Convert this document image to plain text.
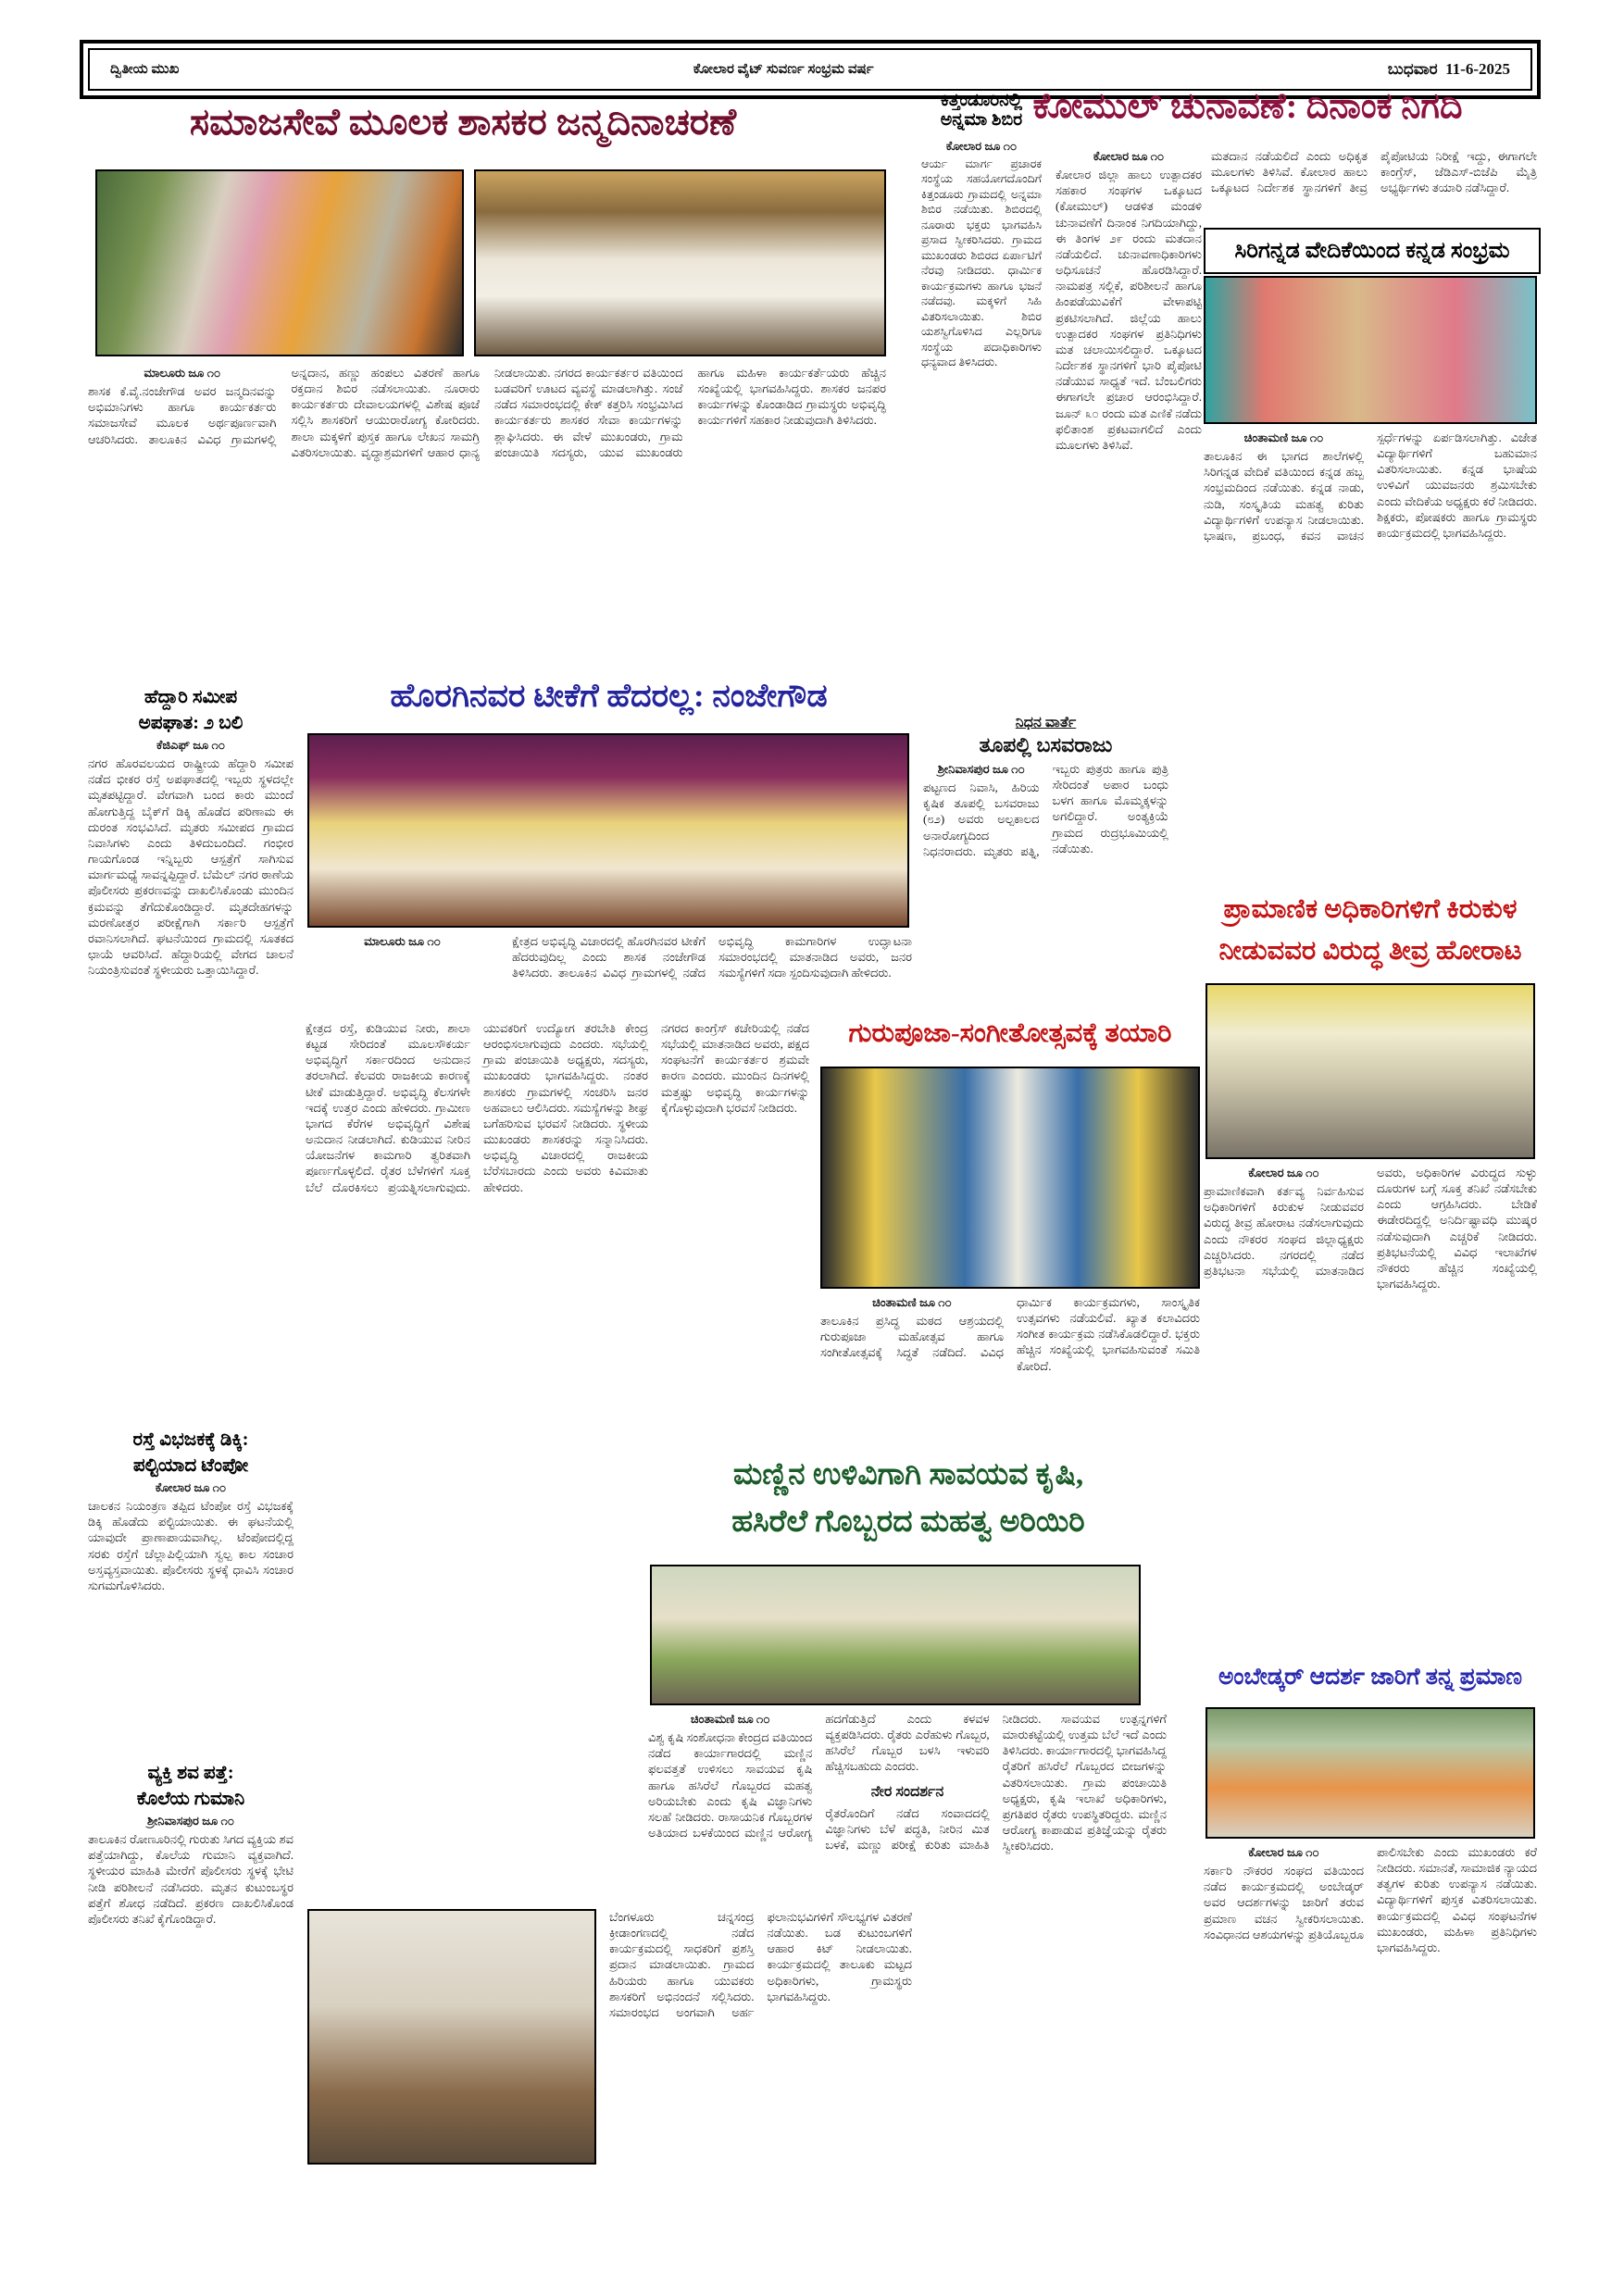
ದ್ವಿತೀಯ ಮುಖ	ಕೋಲಾರ ವೈಟ್ ಸುವರ್ಣ ಸಂಭ್ರಮ ವರ್ಷ	ಬುಧವಾರ 11-6-2025
ಸಮಾಜಸೇವೆ ಮೂಲಕ ಶಾಸಕರ ಜನ್ಮದಿನಾಚರಣೆ
ಮಾಲೂರು ಜೂ ೧೦
ಶಾಸಕ ಕೆ.ವೈ.ನಂಜೇಗೌಡ ಅವರ ಜನ್ಮದಿನವನ್ನು ಅಭಿಮಾನಿಗಳು ಹಾಗೂ ಕಾರ್ಯಕರ್ತರು ಸಮಾಜಸೇವೆ ಮೂಲಕ ಅರ್ಥಪೂರ್ಣವಾಗಿ ಆಚರಿಸಿದರು. ತಾಲೂಕಿನ ವಿವಿಧ ಗ್ರಾಮಗಳಲ್ಲಿ ಅನ್ನದಾನ, ಹಣ್ಣು ಹಂಪಲು ವಿತರಣೆ ಹಾಗೂ ರಕ್ತದಾನ ಶಿಬಿರ ನಡೆಸಲಾಯಿತು. ನೂರಾರು ಕಾರ್ಯಕರ್ತರು ದೇವಾಲಯಗಳಲ್ಲಿ ವಿಶೇಷ ಪೂಜೆ ಸಲ್ಲಿಸಿ ಶಾಸಕರಿಗೆ ಆಯುರಾರೋಗ್ಯ ಕೋರಿದರು. ಶಾಲಾ ಮಕ್ಕಳಿಗೆ ಪುಸ್ತಕ ಹಾಗೂ ಲೇಖನ ಸಾಮಗ್ರಿ ವಿತರಿಸಲಾಯಿತು. ವೃದ್ಧಾಶ್ರಮಗಳಿಗೆ ಆಹಾರ ಧಾನ್ಯ ನೀಡಲಾಯಿತು. ನಗರದ ಕಾರ್ಯಕರ್ತರ ವತಿಯಿಂದ ಬಡವರಿಗೆ ಊಟದ ವ್ಯವಸ್ಥೆ ಮಾಡಲಾಗಿತ್ತು. ಸಂಜೆ ನಡೆದ ಸಮಾರಂಭದಲ್ಲಿ ಕೇಕ್ ಕತ್ತರಿಸಿ ಸಂಭ್ರಮಿಸಿದ ಕಾರ್ಯಕರ್ತರು ಶಾಸಕರ ಸೇವಾ ಕಾರ್ಯಗಳನ್ನು ಶ್ಲಾಘಿಸಿದರು. ಈ ವೇಳೆ ಮುಖಂಡರು, ಗ್ರಾಮ ಪಂಚಾಯಿತಿ ಸದಸ್ಯರು, ಯುವ ಮುಖಂಡರು ಹಾಗೂ ಮಹಿಳಾ ಕಾರ್ಯಕರ್ತೆಯರು ಹೆಚ್ಚಿನ ಸಂಖ್ಯೆಯಲ್ಲಿ ಭಾಗವಹಿಸಿದ್ದರು. ಶಾಸಕರ ಜನಪರ ಕಾರ್ಯಗಳನ್ನು ಕೊಂಡಾಡಿದ ಗ್ರಾಮಸ್ಥರು ಅಭಿವೃದ್ಧಿ ಕಾರ್ಯಗಳಿಗೆ ಸಹಕಾರ ನೀಡುವುದಾಗಿ ತಿಳಿಸಿದರು.
ಹೆದ್ದಾರಿ ಸಮೀಪ
ಅಪಘಾತ: ೨ ಬಲಿ
ಕೆಜಿಎಫ್ ಜೂ ೧೦
ನಗರ ಹೊರವಲಯದ ರಾಷ್ಟ್ರೀಯ ಹೆದ್ದಾರಿ ಸಮೀಪ ನಡೆದ ಭೀಕರ ರಸ್ತೆ ಅಪಘಾತದಲ್ಲಿ ಇಬ್ಬರು ಸ್ಥಳದಲ್ಲೇ ಮೃತಪಟ್ಟಿದ್ದಾರೆ. ವೇಗವಾಗಿ ಬಂದ ಕಾರು ಮುಂದೆ ಹೋಗುತ್ತಿದ್ದ ಬೈಕ್‌ಗೆ ಡಿಕ್ಕಿ ಹೊಡೆದ ಪರಿಣಾಮ ಈ ದುರಂತ ಸಂಭವಿಸಿದೆ. ಮೃತರು ಸಮೀಪದ ಗ್ರಾಮದ ನಿವಾಸಿಗಳು ಎಂದು ತಿಳಿದುಬಂದಿದೆ. ಗಂಭೀರ ಗಾಯಗೊಂಡ ಇನ್ನಿಬ್ಬರು ಆಸ್ಪತ್ರೆಗೆ ಸಾಗಿಸುವ ಮಾರ್ಗಮಧ್ಯೆ ಸಾವನ್ನಪ್ಪಿದ್ದಾರೆ. ಬೆಮೆಲ್ ನಗರ ಠಾಣೆಯ ಪೊಲೀಸರು ಪ್ರಕರಣವನ್ನು ದಾಖಲಿಸಿಕೊಂಡು ಮುಂದಿನ ಕ್ರಮವನ್ನು ತೆಗೆದುಕೊಂಡಿದ್ದಾರೆ. ಮೃತದೇಹಗಳನ್ನು ಮರಣೋತ್ತರ ಪರೀಕ್ಷೆಗಾಗಿ ಸರ್ಕಾರಿ ಆಸ್ಪತ್ರೆಗೆ ರವಾನಿಸಲಾಗಿದೆ. ಘಟನೆಯಿಂದ ಗ್ರಾಮದಲ್ಲಿ ಸೂತಕದ ಛಾಯೆ ಆವರಿಸಿದೆ. ಹೆದ್ದಾರಿಯಲ್ಲಿ ವೇಗದ ಚಾಲನೆ ನಿಯಂತ್ರಿಸುವಂತೆ ಸ್ಥಳೀಯರು ಒತ್ತಾಯಿಸಿದ್ದಾರೆ.
ರಸ್ತೆ ವಿಭಜಕಕ್ಕೆ ಡಿಕ್ಕಿ:
ಪಲ್ಟಿಯಾದ ಟೆಂಪೋ
ಕೋಲಾರ ಜೂ ೧೦
ಚಾಲಕನ ನಿಯಂತ್ರಣ ತಪ್ಪಿದ ಟೆಂಪೋ ರಸ್ತೆ ವಿಭಜಕಕ್ಕೆ ಡಿಕ್ಕಿ ಹೊಡೆದು ಪಲ್ಟಿಯಾಯಿತು. ಈ ಘಟನೆಯಲ್ಲಿ ಯಾವುದೇ ಪ್ರಾಣಾಪಾಯವಾಗಿಲ್ಲ. ಟೆಂಪೋದಲ್ಲಿದ್ದ ಸರಕು ರಸ್ತೆಗೆ ಚೆಲ್ಲಾಪಿಲ್ಲಿಯಾಗಿ ಸ್ವಲ್ಪ ಕಾಲ ಸಂಚಾರ ಅಸ್ತವ್ಯಸ್ತವಾಯಿತು. ಪೊಲೀಸರು ಸ್ಥಳಕ್ಕೆ ಧಾವಿಸಿ ಸಂಚಾರ ಸುಗಮಗೊಳಿಸಿದರು.
ವ್ಯಕ್ತಿ ಶವ ಪತ್ತೆ:
ಕೊಲೆಯ ಗುಮಾನಿ
ಶ್ರೀನಿವಾಸಪುರ ಜೂ ೧೦
ತಾಲೂಕಿನ ರೋಣೂರಿನಲ್ಲಿ ಗುರುತು ಸಿಗದ ವ್ಯಕ್ತಿಯ ಶವ ಪತ್ತೆಯಾಗಿದ್ದು, ಕೊಲೆಯ ಗುಮಾನಿ ವ್ಯಕ್ತವಾಗಿದೆ. ಸ್ಥಳೀಯರ ಮಾಹಿತಿ ಮೇರೆಗೆ ಪೊಲೀಸರು ಸ್ಥಳಕ್ಕೆ ಭೇಟಿ ನೀಡಿ ಪರಿಶೀಲನೆ ನಡೆಸಿದರು. ಮೃತನ ಕುಟುಂಬಸ್ಥರ ಪತ್ತೆಗೆ ಶೋಧ ನಡೆದಿದೆ. ಪ್ರಕರಣ ದಾಖಲಿಸಿಕೊಂಡ ಪೊಲೀಸರು ತನಿಖೆ ಕೈಗೊಂಡಿದ್ದಾರೆ.
ಕಿತ್ತಂಡೂರಿನಲ್ಲಿ
ಅನ್ನಮಾ ಶಿಬಿರ
ಕೋಲಾರ ಜೂ ೧೦
ಆರ್ಯ ಮಾರ್ಗ ಪ್ರಚಾರಕ ಸಂಸ್ಥೆಯ ಸಹಯೋಗದೊಂದಿಗೆ ಕಿತ್ತಂಡೂರು ಗ್ರಾಮದಲ್ಲಿ ಅನ್ನಮಾ ಶಿಬಿರ ನಡೆಯಿತು. ಶಿಬಿರದಲ್ಲಿ ನೂರಾರು ಭಕ್ತರು ಭಾಗವಹಿಸಿ ಪ್ರಸಾದ ಸ್ವೀಕರಿಸಿದರು. ಗ್ರಾಮದ ಮುಖಂಡರು ಶಿಬಿರದ ಏರ್ಪಾಟಿಗೆ ನೆರವು ನೀಡಿದರು. ಧಾರ್ಮಿಕ ಕಾರ್ಯಕ್ರಮಗಳು ಹಾಗೂ ಭಜನೆ ನಡೆದವು. ಮಕ್ಕಳಿಗೆ ಸಿಹಿ ವಿತರಿಸಲಾಯಿತು. ಶಿಬಿರ ಯಶಸ್ವಿಗೊಳಿಸಿದ ಎಲ್ಲರಿಗೂ ಸಂಸ್ಥೆಯ ಪದಾಧಿಕಾರಿಗಳು ಧನ್ಯವಾದ ತಿಳಿಸಿದರು.
ಕೋಮುಲ್ ಚುನಾವಣೆ: ದಿನಾಂಕ ನಿಗದಿ
ಕೋಲಾರ ಜೂ ೧೦
ಕೋಲಾರ ಜಿಲ್ಲಾ ಹಾಲು ಉತ್ಪಾದಕರ ಸಹಕಾರ ಸಂಘಗಳ ಒಕ್ಕೂಟದ (ಕೋಮುಲ್) ಆಡಳಿತ ಮಂಡಳಿ ಚುನಾವಣೆಗೆ ದಿನಾಂಕ ನಿಗದಿಯಾಗಿದ್ದು, ಈ ತಿಂಗಳ ೨೯ ರಂದು ಮತದಾನ ನಡೆಯಲಿದೆ. ಚುನಾವಣಾಧಿಕಾರಿಗಳು ಅಧಿಸೂಚನೆ ಹೊರಡಿಸಿದ್ದಾರೆ. ನಾಮಪತ್ರ ಸಲ್ಲಿಕೆ, ಪರಿಶೀಲನೆ ಹಾಗೂ ಹಿಂಪಡೆಯುವಿಕೆಗೆ ವೇಳಾಪಟ್ಟಿ ಪ್ರಕಟಿಸಲಾಗಿದೆ. ಜಿಲ್ಲೆಯ ಹಾಲು ಉತ್ಪಾದಕರ ಸಂಘಗಳ ಪ್ರತಿನಿಧಿಗಳು ಮತ ಚಲಾಯಿಸಲಿದ್ದಾರೆ. ಒಕ್ಕೂಟದ ನಿರ್ದೇಶಕ ಸ್ಥಾನಗಳಿಗೆ ಭಾರಿ ಪೈಪೋಟಿ ನಡೆಯುವ ಸಾಧ್ಯತೆ ಇದೆ. ಬೆಂಬಲಿಗರು ಈಗಾಗಲೇ ಪ್ರಚಾರ ಆರಂಭಿಸಿದ್ದಾರೆ. ಜೂನ್ ೩೦ ರಂದು ಮತ ಎಣಿಕೆ ನಡೆದು ಫಲಿತಾಂಶ ಪ್ರಕಟವಾಗಲಿದೆ ಎಂದು ಮೂಲಗಳು ತಿಳಿಸಿವೆ.
ಮತದಾನ ನಡೆಯಲಿದೆ ಎಂದು ಅಧಿಕೃತ ಮೂಲಗಳು ತಿಳಿಸಿವೆ. ಕೋಲಾರ ಹಾಲು ಒಕ್ಕೂಟದ ನಿರ್ದೇಶಕ ಸ್ಥಾನಗಳಿಗೆ ತೀವ್ರ ಪೈಪೋಟಿಯ ನಿರೀಕ್ಷೆ ಇದ್ದು, ಈಗಾಗಲೇ ಕಾಂಗ್ರೆಸ್, ಜೆಡಿಎಸ್-ಬಿಜೆಪಿ ಮೈತ್ರಿ ಅಭ್ಯರ್ಥಿಗಳು ತಯಾರಿ ನಡೆಸಿದ್ದಾರೆ.
ಸಿರಿಗನ್ನಡ ವೇದಿಕೆಯಿಂದ ಕನ್ನಡ ಸಂಭ್ರಮ
ಚಿಂತಾಮಣಿ ಜೂ ೧೦
ತಾಲೂಕಿನ ಈ ಭಾಗದ ಶಾಲೆಗಳಲ್ಲಿ ಸಿರಿಗನ್ನಡ ವೇದಿಕೆ ವತಿಯಿಂದ ಕನ್ನಡ ಹಬ್ಬ ಸಂಭ್ರಮದಿಂದ ನಡೆಯಿತು. ಕನ್ನಡ ನಾಡು, ನುಡಿ, ಸಂಸ್ಕೃತಿಯ ಮಹತ್ವ ಕುರಿತು ವಿದ್ಯಾರ್ಥಿಗಳಿಗೆ ಉಪನ್ಯಾಸ ನೀಡಲಾಯಿತು. ಭಾಷಣ, ಪ್ರಬಂಧ, ಕವನ ವಾಚನ ಸ್ಪರ್ಧೆಗಳನ್ನು ಏರ್ಪಡಿಸಲಾಗಿತ್ತು. ವಿಜೇತ ವಿದ್ಯಾರ್ಥಿಗಳಿಗೆ ಬಹುಮಾನ ವಿತರಿಸಲಾಯಿತು. ಕನ್ನಡ ಭಾಷೆಯ ಉಳಿವಿಗೆ ಯುವಜನರು ಶ್ರಮಿಸಬೇಕು ಎಂದು ವೇದಿಕೆಯ ಅಧ್ಯಕ್ಷರು ಕರೆ ನೀಡಿದರು. ಶಿಕ್ಷಕರು, ಪೋಷಕರು ಹಾಗೂ ಗ್ರಾಮಸ್ಥರು ಕಾರ್ಯಕ್ರಮದಲ್ಲಿ ಭಾಗವಹಿಸಿದ್ದರು.
ಹೊರಗಿನವರ ಟೀಕೆಗೆ ಹೆದರಲ್ಲ: ನಂಜೇಗೌಡ
ಮಾಲೂರು ಜೂ ೧೦	ಕ್ಷೇತ್ರದ ಅಭಿವೃದ್ಧಿ ವಿಚಾರದಲ್ಲಿ ಹೊರಗಿನವರ ಟೀಕೆಗೆ ಹೆದರುವುದಿಲ್ಲ ಎಂದು ಶಾಸಕ ನಂಜೇಗೌಡ ತಿಳಿಸಿದರು. ತಾಲೂಕಿನ ವಿವಿಧ ಗ್ರಾಮಗಳಲ್ಲಿ ನಡೆದ ಅಭಿವೃದ್ಧಿ ಕಾಮಗಾರಿಗಳ ಉದ್ಘಾಟನಾ ಸಮಾರಂಭದಲ್ಲಿ ಮಾತನಾಡಿದ ಅವರು, ಜನರ ಸಮಸ್ಯೆಗಳಿಗೆ ಸದಾ ಸ್ಪಂದಿಸುವುದಾಗಿ ಹೇಳಿದರು.
ಕ್ಷೇತ್ರದ ರಸ್ತೆ, ಕುಡಿಯುವ ನೀರು, ಶಾಲಾ ಕಟ್ಟಡ ಸೇರಿದಂತೆ ಮೂಲಸೌಕರ್ಯ ಅಭಿವೃದ್ಧಿಗೆ ಸರ್ಕಾರದಿಂದ ಅನುದಾನ ತರಲಾಗಿದೆ. ಕೆಲವರು ರಾಜಕೀಯ ಕಾರಣಕ್ಕೆ ಟೀಕೆ ಮಾಡುತ್ತಿದ್ದಾರೆ. ಅಭಿವೃದ್ಧಿ ಕೆಲಸಗಳೇ ಇದಕ್ಕೆ ಉತ್ತರ ಎಂದು ಹೇಳಿದರು. ಗ್ರಾಮೀಣ ಭಾಗದ ಕೆರೆಗಳ ಅಭಿವೃದ್ಧಿಗೆ ವಿಶೇಷ ಅನುದಾನ ನೀಡಲಾಗಿದೆ. ಕುಡಿಯುವ ನೀರಿನ ಯೋಜನೆಗಳ ಕಾಮಗಾರಿ ತ್ವರಿತವಾಗಿ ಪೂರ್ಣಗೊಳ್ಳಲಿದೆ. ರೈತರ ಬೆಳೆಗಳಿಗೆ ಸೂಕ್ತ ಬೆಲೆ ದೊರಕಿಸಲು ಪ್ರಯತ್ನಿಸಲಾಗುವುದು. ಯುವಕರಿಗೆ ಉದ್ಯೋಗ ತರಬೇತಿ ಕೇಂದ್ರ ಆರಂಭಿಸಲಾಗುವುದು ಎಂದರು. ಸಭೆಯಲ್ಲಿ ಗ್ರಾಮ ಪಂಚಾಯಿತಿ ಅಧ್ಯಕ್ಷರು, ಸದಸ್ಯರು, ಮುಖಂಡರು ಭಾಗವಹಿಸಿದ್ದರು. ನಂತರ ಶಾಸಕರು ಗ್ರಾಮಗಳಲ್ಲಿ ಸಂಚರಿಸಿ ಜನರ ಅಹವಾಲು ಆಲಿಸಿದರು. ಸಮಸ್ಯೆಗಳನ್ನು ಶೀಘ್ರ ಬಗೆಹರಿಸುವ ಭರವಸೆ ನೀಡಿದರು. ಸ್ಥಳೀಯ ಮುಖಂಡರು ಶಾಸಕರನ್ನು ಸನ್ಮಾನಿಸಿದರು. ಅಭಿವೃದ್ಧಿ ವಿಚಾರದಲ್ಲಿ ರಾಜಕೀಯ ಬೆರೆಸಬಾರದು ಎಂದು ಅವರು ಕಿವಿಮಾತು ಹೇಳಿದರು.
ನಗರದ ಕಾಂಗ್ರೆಸ್ ಕಚೇರಿಯಲ್ಲಿ ನಡೆದ ಸಭೆಯಲ್ಲಿ ಮಾತನಾಡಿದ ಅವರು, ಪಕ್ಷದ ಸಂಘಟನೆಗೆ ಕಾರ್ಯಕರ್ತರ ಶ್ರಮವೇ ಕಾರಣ ಎಂದರು. ಮುಂದಿನ ದಿನಗಳಲ್ಲಿ ಮತ್ತಷ್ಟು ಅಭಿವೃದ್ಧಿ ಕಾರ್ಯಗಳನ್ನು ಕೈಗೊಳ್ಳುವುದಾಗಿ ಭರವಸೆ ನೀಡಿದರು.
ಬೆಂಗಳೂರು ಚನ್ನಸಂದ್ರ ಕ್ರೀಡಾಂಗಣದಲ್ಲಿ ನಡೆದ ಕಾರ್ಯಕ್ರಮದಲ್ಲಿ ಸಾಧಕರಿಗೆ ಪ್ರಶಸ್ತಿ ಪ್ರದಾನ ಮಾಡಲಾಯಿತು. ಗ್ರಾಮದ ಹಿರಿಯರು ಹಾಗೂ ಯುವಕರು ಶಾಸಕರಿಗೆ ಅಭಿನಂದನೆ ಸಲ್ಲಿಸಿದರು. ಸಮಾರಂಭದ ಅಂಗವಾಗಿ ಅರ್ಹ ಫಲಾನುಭವಿಗಳಿಗೆ ಸೌಲಭ್ಯಗಳ ವಿತರಣೆ ನಡೆಯಿತು. ಬಡ ಕುಟುಂಬಗಳಿಗೆ ಆಹಾರ ಕಿಟ್ ನೀಡಲಾಯಿತು. ಕಾರ್ಯಕ್ರಮದಲ್ಲಿ ತಾಲೂಕು ಮಟ್ಟದ ಅಧಿಕಾರಿಗಳು, ಗ್ರಾಮಸ್ಥರು ಭಾಗವಹಿಸಿದ್ದರು.
ನಿಧನ ವಾರ್ತೆ
ತೂಪಲ್ಲಿ ಬಸವರಾಜು
ಶ್ರೀನಿವಾಸಪುರ ಜೂ ೧೦
ಪಟ್ಟಣದ ನಿವಾಸಿ, ಹಿರಿಯ ಕೃಷಿಕ ತೂಪಲ್ಲಿ ಬಸವರಾಜು (೮೨) ಅವರು ಅಲ್ಪಕಾಲದ ಅನಾರೋಗ್ಯದಿಂದ ನಿಧನರಾದರು. ಮೃತರು ಪತ್ನಿ, ಇಬ್ಬರು ಪುತ್ರರು ಹಾಗೂ ಪುತ್ರಿ ಸೇರಿದಂತೆ ಅಪಾರ ಬಂಧು ಬಳಗ ಹಾಗೂ ಮೊಮ್ಮಕ್ಕಳನ್ನು ಅಗಲಿದ್ದಾರೆ. ಅಂತ್ಯಕ್ರಿಯೆ ಗ್ರಾಮದ ರುದ್ರಭೂಮಿಯಲ್ಲಿ ನಡೆಯಿತು.
ಗುರುಪೂಜಾ-ಸಂಗೀತೋತ್ಸವಕ್ಕೆ ತಯಾರಿ
ಚಿಂತಾಮಣಿ ಜೂ ೧೦
ತಾಲೂಕಿನ ಪ್ರಸಿದ್ಧ ಮಠದ ಆಶ್ರಯದಲ್ಲಿ ಗುರುಪೂಜಾ ಮಹೋತ್ಸವ ಹಾಗೂ ಸಂಗೀತೋತ್ಸವಕ್ಕೆ ಸಿದ್ಧತೆ ನಡೆದಿದೆ. ವಿವಿಧ ಧಾರ್ಮಿಕ ಕಾರ್ಯಕ್ರಮಗಳು, ಸಾಂಸ್ಕೃತಿಕ ಉತ್ಸವಗಳು ನಡೆಯಲಿವೆ. ಖ್ಯಾತ ಕಲಾವಿದರು ಸಂಗೀತ ಕಾರ್ಯಕ್ರಮ ನಡೆಸಿಕೊಡಲಿದ್ದಾರೆ. ಭಕ್ತರು ಹೆಚ್ಚಿನ ಸಂಖ್ಯೆಯಲ್ಲಿ ಭಾಗವಹಿಸುವಂತೆ ಸಮಿತಿ ಕೋರಿದೆ.
ಮಣ್ಣಿನ ಉಳಿವಿಗಾಗಿ ಸಾವಯವ ಕೃಷಿ,
ಹಸಿರೆಲೆ ಗೊಬ್ಬರದ ಮಹತ್ವ ಅರಿಯಿರಿ
ಚಿಂತಾಮಣಿ ಜೂ ೧೦
ವಿಶ್ವ ಕೃಷಿ ಸಂಶೋಧನಾ ಕೇಂದ್ರದ ವತಿಯಿಂದ ನಡೆದ ಕಾರ್ಯಾಗಾರದಲ್ಲಿ ಮಣ್ಣಿನ ಫಲವತ್ತತೆ ಉಳಿಸಲು ಸಾವಯವ ಕೃಷಿ ಹಾಗೂ ಹಸಿರೆಲೆ ಗೊಬ್ಬರದ ಮಹತ್ವ ಅರಿಯಬೇಕು ಎಂದು ಕೃಷಿ ವಿಜ್ಞಾನಿಗಳು ಸಲಹೆ ನೀಡಿದರು. ರಾಸಾಯನಿಕ ಗೊಬ್ಬರಗಳ ಅತಿಯಾದ ಬಳಕೆಯಿಂದ ಮಣ್ಣಿನ ಆರೋಗ್ಯ ಹದಗೆಡುತ್ತಿದೆ ಎಂದು ಕಳವಳ ವ್ಯಕ್ತಪಡಿಸಿದರು. ರೈತರು ಎರೆಹುಳು ಗೊಬ್ಬರ, ಹಸಿರೆಲೆ ಗೊಬ್ಬರ ಬಳಸಿ ಇಳುವರಿ ಹೆಚ್ಚಿಸಬಹುದು ಎಂದರು.
ನೇರ ಸಂದರ್ಶನ
ರೈತರೊಂದಿಗೆ ನಡೆದ ಸಂವಾದದಲ್ಲಿ ವಿಜ್ಞಾನಿಗಳು ಬೆಳೆ ಪದ್ಧತಿ, ನೀರಿನ ಮಿತ ಬಳಕೆ, ಮಣ್ಣು ಪರೀಕ್ಷೆ ಕುರಿತು ಮಾಹಿತಿ ನೀಡಿದರು. ಸಾವಯವ ಉತ್ಪನ್ನಗಳಿಗೆ ಮಾರುಕಟ್ಟೆಯಲ್ಲಿ ಉತ್ತಮ ಬೆಲೆ ಇದೆ ಎಂದು ತಿಳಿಸಿದರು. ಕಾರ್ಯಾಗಾರದಲ್ಲಿ ಭಾಗವಹಿಸಿದ್ದ ರೈತರಿಗೆ ಹಸಿರೆಲೆ ಗೊಬ್ಬರದ ಬೀಜಗಳನ್ನು ವಿತರಿಸಲಾಯಿತು. ಗ್ರಾಮ ಪಂಚಾಯಿತಿ ಅಧ್ಯಕ್ಷರು, ಕೃಷಿ ಇಲಾಖೆ ಅಧಿಕಾರಿಗಳು, ಪ್ರಗತಿಪರ ರೈತರು ಉಪಸ್ಥಿತರಿದ್ದರು. ಮಣ್ಣಿನ ಆರೋಗ್ಯ ಕಾಪಾಡುವ ಪ್ರತಿಜ್ಞೆಯನ್ನು ರೈತರು ಸ್ವೀಕರಿಸಿದರು.
ಪ್ರಾಮಾಣಿಕ ಅಧಿಕಾರಿಗಳಿಗೆ ಕಿರುಕುಳ
ನೀಡುವವರ ವಿರುದ್ಧ ತೀವ್ರ ಹೋರಾಟ
ಕೋಲಾರ ಜೂ ೧೦
ಪ್ರಾಮಾಣಿಕವಾಗಿ ಕರ್ತವ್ಯ ನಿರ್ವಹಿಸುವ ಅಧಿಕಾರಿಗಳಿಗೆ ಕಿರುಕುಳ ನೀಡುವವರ ವಿರುದ್ಧ ತೀವ್ರ ಹೋರಾಟ ನಡೆಸಲಾಗುವುದು ಎಂದು ನೌಕರರ ಸಂಘದ ಜಿಲ್ಲಾಧ್ಯಕ್ಷರು ಎಚ್ಚರಿಸಿದರು. ನಗರದಲ್ಲಿ ನಡೆದ ಪ್ರತಿಭಟನಾ ಸಭೆಯಲ್ಲಿ ಮಾತನಾಡಿದ ಅವರು, ಅಧಿಕಾರಿಗಳ ವಿರುದ್ಧದ ಸುಳ್ಳು ದೂರುಗಳ ಬಗ್ಗೆ ಸೂಕ್ತ ತನಿಖೆ ನಡೆಸಬೇಕು ಎಂದು ಆಗ್ರಹಿಸಿದರು. ಬೇಡಿಕೆ ಈಡೇರದಿದ್ದಲ್ಲಿ ಅನಿರ್ದಿಷ್ಟಾವಧಿ ಮುಷ್ಕರ ನಡೆಸುವುದಾಗಿ ಎಚ್ಚರಿಕೆ ನೀಡಿದರು. ಪ್ರತಿಭಟನೆಯಲ್ಲಿ ವಿವಿಧ ಇಲಾಖೆಗಳ ನೌಕರರು ಹೆಚ್ಚಿನ ಸಂಖ್ಯೆಯಲ್ಲಿ ಭಾಗವಹಿಸಿದ್ದರು.
ಅಂಬೇಡ್ಕರ್ ಆದರ್ಶ ಜಾರಿಗೆ ತನ್ನ ಪ್ರಮಾಣ
ಕೋಲಾರ ಜೂ ೧೦
ಸರ್ಕಾರಿ ನೌಕರರ ಸಂಘದ ವತಿಯಿಂದ ನಡೆದ ಕಾರ್ಯಕ್ರಮದಲ್ಲಿ ಅಂಬೇಡ್ಕರ್ ಅವರ ಆದರ್ಶಗಳನ್ನು ಜಾರಿಗೆ ತರುವ ಪ್ರಮಾಣ ವಚನ ಸ್ವೀಕರಿಸಲಾಯಿತು. ಸಂವಿಧಾನದ ಆಶಯಗಳನ್ನು ಪ್ರತಿಯೊಬ್ಬರೂ ಪಾಲಿಸಬೇಕು ಎಂದು ಮುಖಂಡರು ಕರೆ ನೀಡಿದರು. ಸಮಾನತೆ, ಸಾಮಾಜಿಕ ನ್ಯಾಯದ ತತ್ವಗಳ ಕುರಿತು ಉಪನ್ಯಾಸ ನಡೆಯಿತು. ವಿದ್ಯಾರ್ಥಿಗಳಿಗೆ ಪುಸ್ತಕ ವಿತರಿಸಲಾಯಿತು. ಕಾರ್ಯಕ್ರಮದಲ್ಲಿ ವಿವಿಧ ಸಂಘಟನೆಗಳ ಮುಖಂಡರು, ಮಹಿಳಾ ಪ್ರತಿನಿಧಿಗಳು ಭಾಗವಹಿಸಿದ್ದರು.
